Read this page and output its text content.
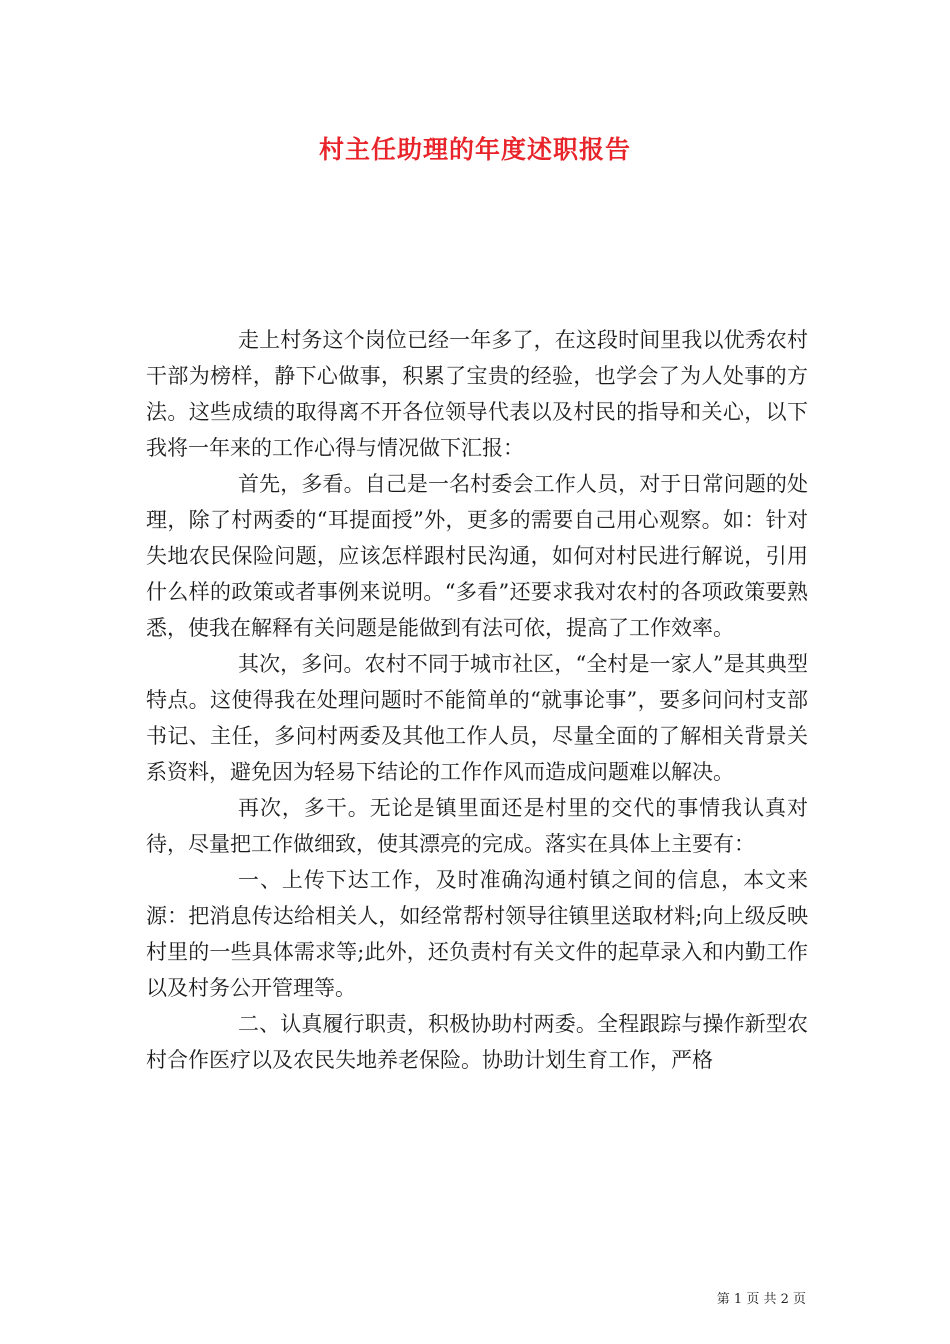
村主任助理的年度述职报告

走上村务这个岗位已经一年多了，在这段时间里我以优秀农村干部为榜样，静下心做事，积累了宝贵的经验，也学会了为人处事的方法。这些成绩的取得离不开各位领导代表以及村民的指导和关心，以下我将一年来的工作心得与情况做下汇报：

首先，多看。自己是一名村委会工作人员，对于日常问题的处理，除了村两委的“耳提面授”外，更多的需要自己用心观察。如：针对失地农民保险问题，应该怎样跟村民沟通，如何对村民进行解说，引用什么样的政策或者事例来说明。“多看”还要求我对农村的各项政策要熟悉，使我在解释有关问题是能做到有法可依，提高了工作效率。

其次，多问。农村不同于城市社区，“全村是一家人”是其典型特点。这使得我在处理问题时不能简单的“就事论事”，要多问问村支部书记、主任，多问村两委及其他工作人员，尽量全面的了解相关背景关系资料，避免因为轻易下结论的工作作风而造成问题难以解决。

再次，多干。无论是镇里面还是村里的交代的事情我认真对待，尽量把工作做细致，使其漂亮的完成。落实在具体上主要有：

一、上传下达工作，及时准确沟通村镇之间的信息，本文来源：把消息传达给相关人，如经常帮村领导往镇里送取材料;向上级反映村里的一些具体需求等;此外，还负责村有关文件的起草录入和内勤工作以及村务公开管理等。

二、认真履行职责，积极协助村两委。全程跟踪与操作新型农村合作医疗以及农民失地养老保险。协助计划生育工作，严格

第 1 页 共 2 页
